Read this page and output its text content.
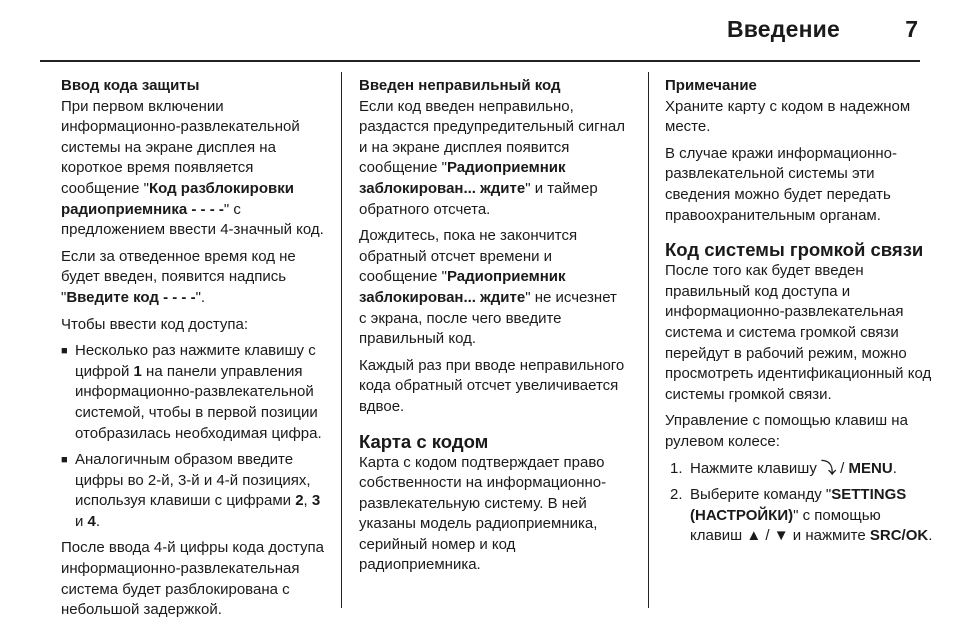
Введение	7
Ввод кода защиты

При первом включении информационно-развлекательной системы на экране дисплея на короткое время появляется сообщение "Код разблокировки радиоприемника - - - -" с предложением ввести 4-значный код.

Если за отведенное время код не будет введен, появится надпись "Введите код - - - -".

Чтобы ввести код доступа:

■ Несколько раз нажмите клавишу с цифрой 1 на панели управления информационно-развлекательной системой, чтобы в первой позиции отобразилась необходимая цифра.
■ Аналогичным образом введите цифры во 2-й, 3-й и 4-й позициях, используя клавиши с цифрами 2, 3 и 4.

После ввода 4-й цифры кода доступа информационно-развлекательная система будет разблокирована с небольшой задержкой.

Введен неправильный код

Если код введен неправильно, раздастся предупредительный сигнал и на экране дисплея появится сообщение "Радиоприемник заблокирован... ждите" и таймер обратного отсчета.

Дождитесь, пока не закончится обратный отсчет времени и сообщение "Радиоприемник заблокирован... ждите" не исчезнет с экрана, после чего введите правильный код.

Каждый раз при вводе неправильного кода обратный отсчет увеличивается вдвое.

Карта с кодом

Карта с кодом подтверждает право собственности на информационно-развлекательную систему. В ней указаны модель радиоприемника, серийный номер и код радиоприемника.

Примечание

Храните карту с кодом в надежном месте.

В случае кражи информационно-развлекательной системы эти сведения можно будет передать правоохранительным органам.

Код системы громкой связи

После того как будет введен правильный код доступа и информационно-развлекательная система и система громкой связи перейдут в рабочий режим, можно просмотреть идентификационный код системы громкой связи.

Управление с помощью клавиш на рулевом колесе:

1. Нажмите клавишу ⤵ / MENU.
2. Выберите команду "SETTINGS (НАСТРОЙКИ)" с помощью клавиш ▲ / ▼ и нажмите SRC/OK.
